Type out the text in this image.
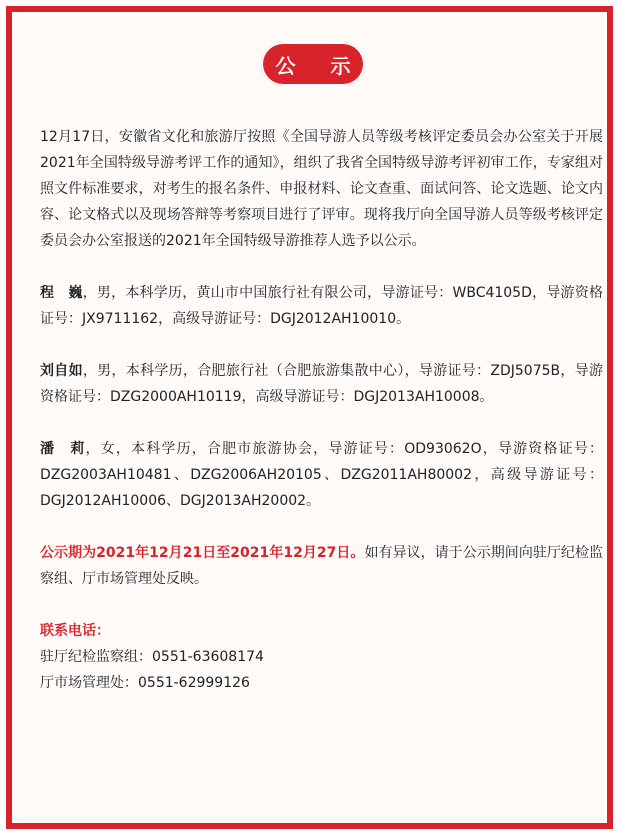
公 示

12月17日，安徽省文化和旅游厅按照《全国导游人员等级考核评定委员会办公室关于开展2021年全国特级导游考评工作的通知》，组织了我省全国特级导游考评初审工作，专家组对照文件标准要求，对考生的报名条件、申报材料、论文查重、面试问答、论文选题、论文内容、论文格式以及现场答辩等考察项目进行了评审。现将我厅向全国导游人员等级考核评定委员会办公室报送的2021年全国特级导游推荐人选予以公示。

程　巍，男，本科学历，黄山市中国旅行社有限公司，导游证号：WBC4105D，导游资格证号：JX9711162，高级导游证号：DGJ2012AH10010。

刘自如，男，本科学历，合肥旅行社（合肥旅游集散中心），导游证号：ZDJ5075B，导游资格证号：DZG2000AH10119，高级导游证号：DGJ2013AH10008。

潘　莉，女，本科学历，合肥市旅游协会，导游证号：OD93062O，导游资格证号：DZG2003AH10481、DZG2006AH20105、DZG2011AH80002，高级导游证号：DGJ2012AH10006、DGJ2013AH20002。

公示期为2021年12月21日至2021年12月27日。如有异议，请于公示期间向驻厅纪检监察组、厅市场管理处反映。

联系电话：
驻厅纪检监察组：0551-63608174
厅市场管理处：0551-62999126
